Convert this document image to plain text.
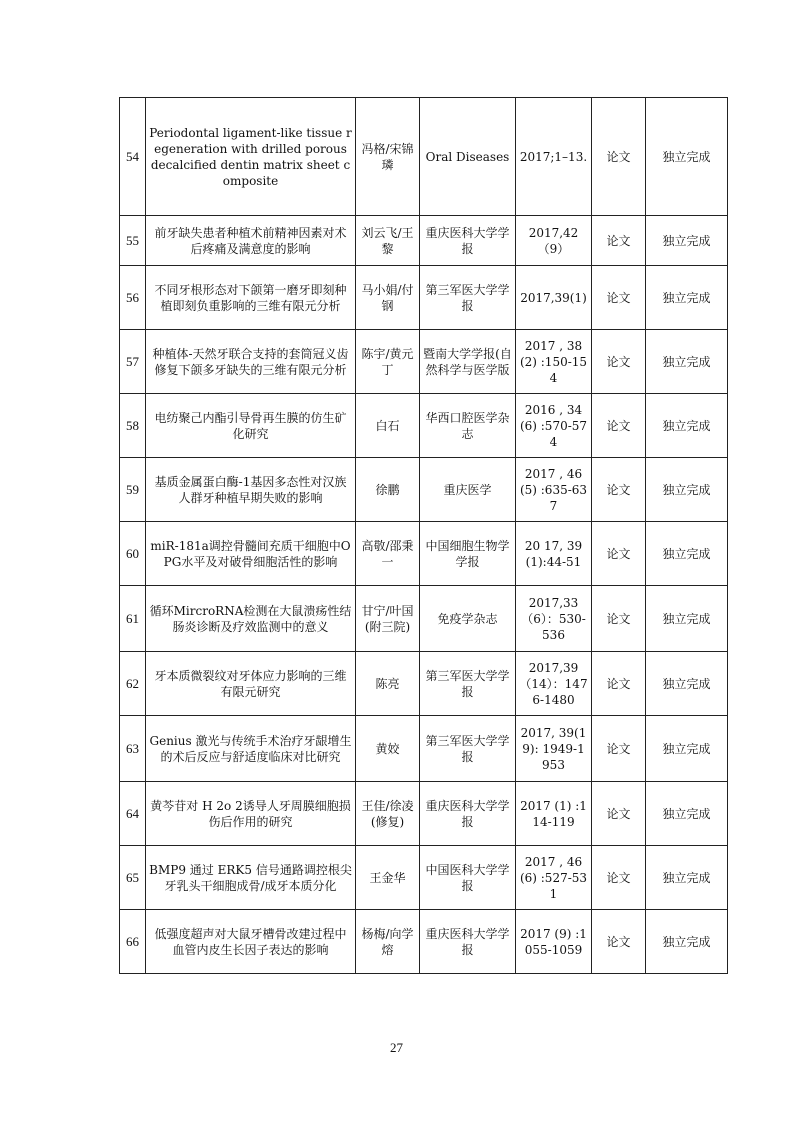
54	Periodontal ligament-like tissue regeneration with drilled porous decalcified dentin matrix sheet composite	冯格/宋锦璘	Oral Diseases	2017;1–13.	论文	独立完成
55	前牙缺失患者种植术前精神因素对术后疼痛及满意度的影响	刘云飞/王黎	重庆医科大学学报	2017,42（9）	论文	独立完成
56	不同牙根形态对下颌第一磨牙即刻种植即刻负重影响的三维有限元分析	马小娟/付钢	第三军医大学学报	2017,39(1)	论文	独立完成
57	种植体-天然牙联合支持的套筒冠义齿修复下颌多牙缺失的三维有限元分析	陈宇/黄元丁	暨南大学学报(自然科学与医学版	2017 , 38 (2) :150-154	论文	独立完成
58	电纺聚己内酯引导骨再生膜的仿生矿化研究	白石	华西口腔医学杂志	2016 , 34 (6) :570-574	论文	独立完成
59	基质金属蛋白酶-1基因多态性对汉族人群牙种植早期失败的影响	徐鹏	重庆医学	2017 , 46 (5) :635-637	论文	独立完成
60	miR-181a调控骨髓间充质干细胞中OPG水平及对破骨细胞活性的影响	高敬/邵秉一	中国细胞生物学学报	20 17, 39(1):44-51	论文	独立完成
61	循环MircroRNA检测在大鼠溃疡性结肠炎诊断及疗效监测中的意义	甘宁/叶国(附三院)	免疫学杂志	2017,33（6）：530-536	论文	独立完成
62	牙本质微裂纹对牙体应力影响的三维有限元研究	陈亮	第三军医大学学报	2017,39（14）：1476-1480	论文	独立完成
63	Genius 激光与传统手术治疗牙龈增生的术后反应与舒适度临床对比研究	黄姣	第三军医大学学报	2017, 39(19): 1949-1953	论文	独立完成
64	黄芩苷对 H 2o 2诱导人牙周膜细胞损伤后作用的研究	王佳/徐凌(修复)	重庆医科大学学报	2017 (1) :114-119	论文	独立完成
65	BMP9 通过 ERK5 信号通路调控根尖牙乳头干细胞成骨/成牙本质分化	王金华	中国医科大学学报	2017 , 46 (6) :527-531	论文	独立完成
66	低强度超声对大鼠牙槽骨改建过程中血管内皮生长因子表达的影响	杨梅/向学熔	重庆医科大学学报	2017 (9) :1055-1059	论文	独立完成
27
